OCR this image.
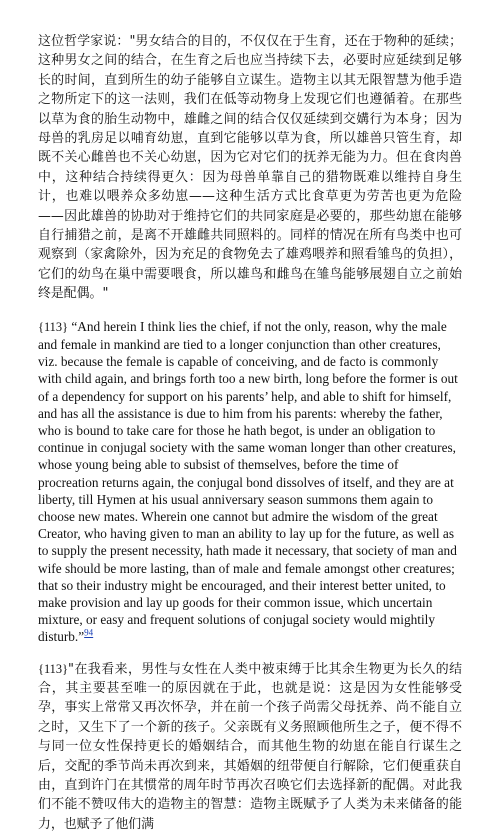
这位哲学家说："男女结合的目的，不仅仅在于生育，还在于物种的延续；这种男女之间的结合，在生育之后也应当持续下去，必要时应延续到足够长的时间，直到所生的幼子能够自立谋生。造物主以其无限智慧为他手造之物所定下的这一法则，我们在低等动物身上发现它们也遵循着。在那些以草为食的胎生动物中，雄雌之间的结合仅仅延续到交媾行为本身；因为母兽的乳房足以哺育幼崽，直到它能够以草为食，所以雄兽只管生育，却既不关心雌兽也不关心幼崽，因为它对它们的抚养无能为力。但在食肉兽中，这种结合持续得更久：因为母兽单靠自己的猎物既难以维持自身生计，也难以喂养众多幼崽——这种生活方式比食草更为劳苦也更为危险——因此雄兽的协助对于维持它们的共同家庭是必要的，那些幼崽在能够自行捕猎之前，是离不开雄雌共同照料的。同样的情况在所有鸟类中也可观察到（家禽除外，因为充足的食物免去了雄鸡喂养和照看雏鸟的负担），它们的幼鸟在巢中需要喂食，所以雄鸟和雌鸟在雏鸟能够展翅自立之前始终是配偶。"

{113} “And herein I think lies the chief, if not the only, reason, why the male and female in mankind are tied to a longer conjunction than other creatures, viz. because the female is capable of conceiving, and de facto is commonly with child again, and brings forth too a new birth, long before the former is out of a dependency for support on his parents’ help, and able to shift for himself, and has all the assistance is due to him from his parents: whereby the father, who is bound to take care for those he hath begot, is under an obligation to continue in conjugal society with the same woman longer than other creatures, whose young being able to subsist of themselves, before the time of procreation returns again, the conjugal bond dissolves of itself, and they are at liberty, till Hymen at his usual anniversary season summons them again to choose new mates. Wherein one cannot but admire the wisdom of the great Creator, who having given to man an ability to lay up for the future, as well as to supply the present necessity, hath made it necessary, that society of man and wife should be more lasting, than of male and female amongst other creatures; that so their industry might be encouraged, and their interest better united, to make provision and lay up goods for their common issue, which uncertain mixture, or easy and frequent solutions of conjugal society would mightily disturb.”$^{94}$

{113}"在我看来，男性与女性在人类中被束缚于比其余生物更为长久的结合，其主要甚至唯一的原因就在于此，也就是说：这是因为女性能够受孕，事实上常常又再次怀孕，并在前一个孩子尚需父母抚养、尚不能自立之时，又生下了一个新的孩子。父亲既有义务照顾他所生之子，便不得不与同一位女性保持更长的婚姻结合，而其他生物的幼崽在能自行谋生之后，交配的季节尚未再次到来，其婚姻的纽带便自行解除，它们便重获自由，直到许门在其惯常的周年时节再次召唤它们去选择新的配偶。对此我们不能不赞叹伟大的造物主的智慧：造物主既赋予了人类为未来储备的能力，也赋予了他们满
